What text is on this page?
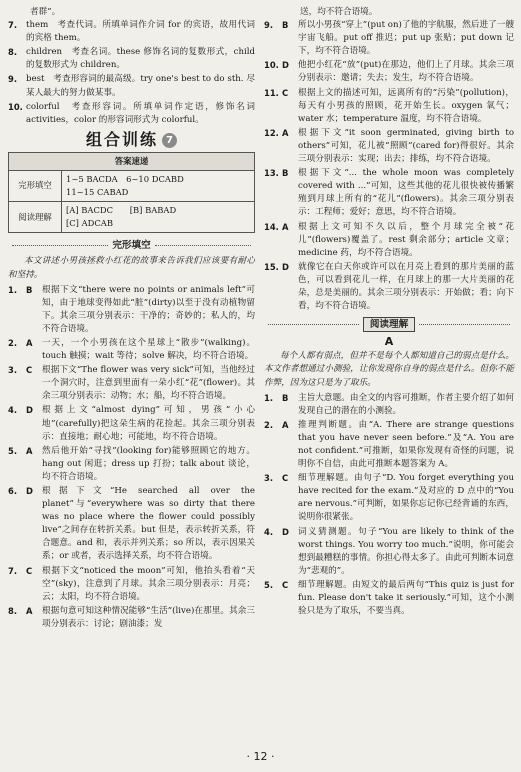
者群”。
7.	them　考查代词。所填单词作介词 for 的宾语，故用代词的宾格 them。
8.	children　考查名词。these 修饰名词的复数形式，child 的复数形式为 children。
9.	best　考查形容词的最高级。try one's best to do sth. 尽某人最大的努力做某事。
10. colorful　考查形容词。所填单词作定语，修饰名词 activities，color 的形容词形式为 colorful。
组合训练 7
答案速递	
完形填空	1~5 BACDA　6~10 DCABD
11~15 CABAD

阅读理解	[A] BACDC　　[B] BABAD
[C] ADCAB
完形填空
本文讲述小男孩拯救小红花的故事来告诉我们应该要有耐心和坚持。
1.	B	根据下文“there were no points or animals left”可知，由于地球变得如此“脏”(dirty)以至于没有动植物留下。其余三项分别表示：干净的；奇妙的；私人的，均不符合语境。
2.	A	一天，一个小男孩在这个星球上“散步”(walking)。touch 触摸；wait 等待；solve 解决，均不符合语境。
3.	C	根据下文“The flower was very sick”可知，当他经过一个洞穴时，注意到里面有一朵小红“花”(flower)。其余三项分别表示：动物；水；船，均不符合语境。
4.	D	根据上文“almost dying”可知，男孩“小心地”(carefully)把这朵生病的花捡起。其余三项分别表示：直接地；耐心地；可能地，均不符合语境。
5.	A	然后他开始“寻找”(looking for)能够照顾它的地方。hang out 闲逛；dress up 打扮；talk about 谈论，均不符合语境。
6.	D	根据下文“He searched all over the planet”与“everywhere was so dirty that there was no place where the flower could possibly live”之间存在转折关系。but 但是，表示转折关系，符合题意。and 和，表示并列关系；so 所以，表示因果关系；or 或者，表示选择关系，均不符合语境。
7.	C	根据下文“noticed the moon”可知，他抬头看着“天空”(sky)，注意到了月球。其余三项分别表示：月亮；云；太阳，均不符合语境。
8.	A	根据句意可知这种情况能够“生活”(live)在那里。其余三项分别表示：讨论；剧油漆；发
送，均不符合语境。
9.	B	所以小男孩“穿上”(put on)了他的宇航服，然后进了一艘宇宙飞船。put off 推迟；put up 张贴；put down 记下，均不符合语境。
10. D	他把小红花“放”(put)在那边，他们上了月球。其余三项分别表示：邀请；失去；发生，均不符合语境。
11. C	根据上文的描述可知，远离所有的“污染”(pollution)，每天有小男孩的照顾，花开始生长。oxygen 氧气；water 水；temperature 温度，均不符合语境。
12. A	根据下文“it soon germinated, giving birth to others”可知，花儿被“照顾”(cared for)得很好。其余三项分别表示：实现；出去；排练，均不符合语境。
13. B	根据下文“... the whole moon was completely covered with ...”可知，这些其他的花儿很快被传播繁殖到月球上所有的“花儿”(flowers)。其余三项分别表示：工程师；爱好；意思，均不符合语境。
14. A	根据上文可知不久以后，整个月球完全被“花儿”(flowers)覆盖了。rest 剩余部分；article 文章；medicine 药，均不符合语境。
15. D	就像它在白天你或许可以在月亮上看到的那片美丽的蓝色，可以看到花儿一样，在月球上的那一大片美丽的花朵，总是美丽的。其余三项分别表示：开始做；看；向下看，均不符合语境。
阅读理解
A
每个人都有弱点，但并不是每个人都知道自己的弱点是什么。本文作者想通过小测验，让你发现你自身的弱点是什么。但你不能作弊，因为这只是为了取乐。
1.	B	主旨大意题。由全文的内容可推断，作者主要介绍了如何发现自己的潜在的小测验。
2.	A	推理判断题。由“A. There are strange questions that you have never seen before.”及“A. You are not confident.”可推断，如果你发现有奇怪的问题，说明你不自信，由此可推断本题答案为 A。
3.	C	细节理解题。由句子“D. You forget everything you have recited for the exam.”及对应的 D 点中的“You are nervous.”可判断，如果你忘记你已经背诵的东西，说明你很紧张。
4.	D	词义猜测题。句子“You are likely to think of the worst things. You worry too much.”说明，你可能会想到最糟糕的事情。你担心得太多了。由此可判断本词意为“悲观的”。
5.	C	细节理解题。由短文的最后两句“This quiz is just for fun. Please don't take it seriously.”可知，这个小测验只是为了取乐，不要当真。
· 12 ·
